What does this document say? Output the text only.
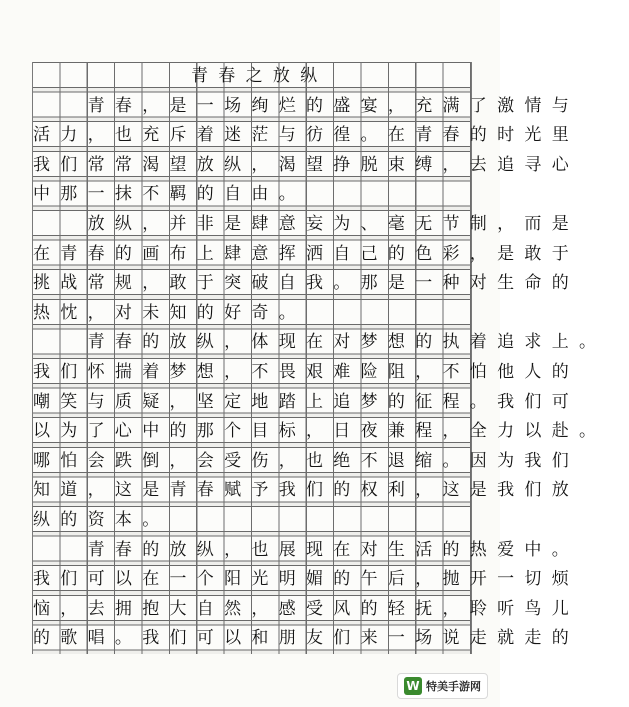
青春之放纵
　　青春，是一场绚烂的盛宴，充满了激情与
活力，也充斥着迷茫与彷徨。在青春的时光里
我们常常渴望放纵，渴望挣脱束缚，去追寻心
中那一抹不羁的自由。
　　放纵，并非是肆意妄为、毫无节制，而是
在青春的画布上肆意挥洒自己的色彩，是敢于
挑战常规，敢于突破自我。那是一种对生命的
热忱，对未知的好奇。
　　青春的放纵，体现在对梦想的执着追求上。
我们怀揣着梦想，不畏艰难险阻，不怕他人的
嘲笑与质疑，坚定地踏上追梦的征程。我们可
以为了心中的那个目标，日夜兼程，全力以赴。
哪怕会跌倒，会受伤，也绝不退缩。因为我们
知道，这是青春赋予我们的权利，这是我们放
纵的资本。
　　青春的放纵，也展现在对生活的热爱中。
我们可以在一个阳光明媚的午后，抛开一切烦
恼，去拥抱大自然，感受风的轻抚，聆听鸟儿
的歌唱。我们可以和朋友们来一场说走就走的
W 特美手游网
